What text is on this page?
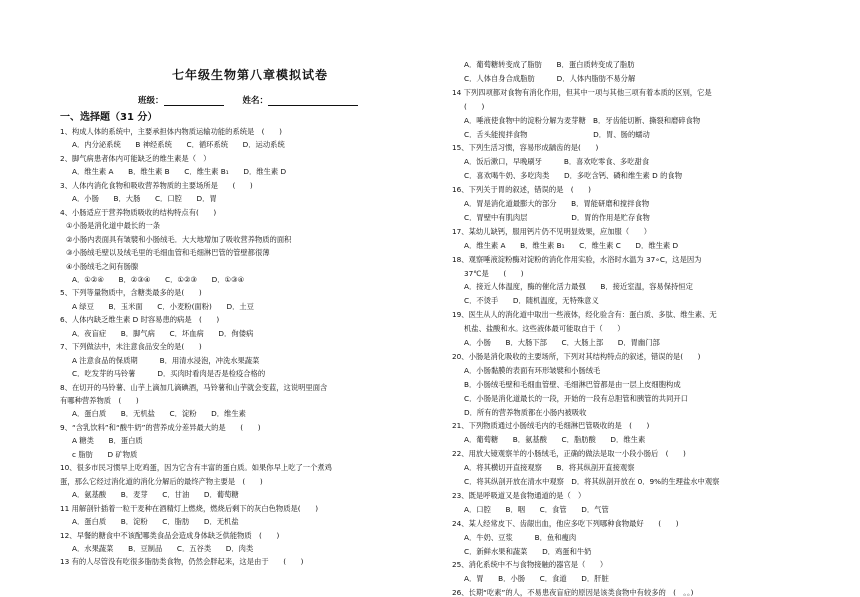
七年级生物第八章模拟试卷
班级：	姓名：
一、选择题（31 分）
1、构成人体的系统中，主要承担体内物质运输功能的系统是　(　　)
A．内分泌系统　　B 神经系统　　C．循环系统　　D．运动系统
2、脚气病患者体内可能缺乏的维生素是（　）
A．维生素 A　　B．维生素 B　　C．维生素 B₁　　D．维生素 D
3、人体内消化食物和吸收营养物质的主要场所是　　(　　)
A．小肠　　B．大肠　　C．口腔　　D．胃
4、小肠适应于营养物质吸收的结构特点有(　　)
①小肠是消化道中最长的一条
②小肠内表面具有皱襞和小肠绒毛．大大地增加了吸收营养物质的面积
③小肠绒毛壁以及绒毛里的毛细血管和毛细淋巴管的管壁都很薄
④小肠绒毛之间有肠腺
A．①②④　　B．②③④　　C．①②③　　D．①③④
5、下列等量物质中，含糖类最多的是(　　)
A 绿豆　　B．玉米面　　C．小麦粉(面粉)　　D．土豆
6、人体内缺乏维生素 D 时容易患的病是　(　　)
A．夜盲症　　B．脚气病　　C．坏血病　　D．佝偻病
7、下列做法中，未注意食品安全的是(　　)
A 注意食品的保质期　　　B．用清水浸泡，冲洗水果蔬菜
C．吃发芽的马铃薯　　　D．买肉时看肉是否是检疫合格的
8、在切开的马铃薯、山芋上滴加几滴碘酒，马铃薯和山芋就会变蓝，这说明里面含
有哪种营养物质　(　　)
A．蛋白质　　B．无机盐　　C．淀粉　　D．维生素
9、“含乳饮料”和“酸牛奶”的营养成分差异最大的是　　(　　)
A 糖类　　B．蛋白质
c 脂肪　　D 矿物质
10、很多市民习惯早上吃鸡蛋，因为它含有丰富的蛋白质。如果你早上吃了一个煮鸡
蛋，那么它经过消化道的消化分解后的最终产物主要是　(　　)
A．氨基酸　　B．麦芽　　C．甘油　　D．葡萄糖
11 用解剖针插着一粒干麦种在酒精灯上燃烧，燃烧后剩下的灰白色物质是(　　)
A．蛋白质　　B．淀粉　　C．脂肪　　D．无机盐
12、早餐的糖食中不该配哪类食品会造成身体缺乏供能物质　(　　)
A．水果蔬菜　　B．豆制品　　C．五谷类　　D．肉类
13 有的人尽管没有吃很多脂肪类食物，仍然会胖起来，这是由于　　(　　)
A．葡萄糖转变成了脂肪　　B．蛋白质转变成了脂肪
C．人体自身合成脂肪　　　D．人体内脂肪不易分解
14 下列四项都对食物有消化作用，但其中一项与其他三项有着本质的区别，它是
(　　)
A．唾液使食物中的淀粉分解为麦芽糖　B．牙齿能切断、撕裂和磨碎食物
C．舌头能搅拌食物　　　　　　　　　D．胃、肠的蠕动
15、下列生活习惯，容易形成龋齿的是(　　)
A．饭后漱口，早晚刷牙　　　B．喜欢吃零食、多吃甜食
C．喜欢喝牛奶、多吃肉类　　D．多吃含钙、磷和维生素 D 的食物
16、下列关于胃的叙述，错误的是　(　　)
A．胃是消化道最膨大的部分　　B．胃能研磨和搅拌食物
C．胃壁中有肌肉层　　　　　　D．胃的作用是贮存食物
17、某幼儿缺钙，服用钙片仍不见明显效果，应加服（　　）
A．维生素 A　　B．维生素 B₁　　C．维生素 C　　D．维生素 D
18、观察唾液淀粉酶对淀粉的消化作用实验，水浴时水温为 37∘C，这是因为
37℃是　　(　　)
A．接近人体温度，酶的催化活力最强　　B．接近室温，容易保持恒定
C．不烫手　　D．随机温度，无特殊意义
19、医生从人的消化道中取出一些液体，经化验含有：蛋白质、多肽、维生素、无
机盐、盐酸和水。这些液体最可能取自于（　　）
A．小肠　　B．大肠下部　　C．大肠上部　　D．胃幽门部
20、小肠是消化吸收的主要场所，下列对其结构特点的叙述，错误的是(　　)
A．小肠黏膜的表面有环形皱襞和小肠绒毛
B．小肠绒毛壁和毛细血管壁、毛细淋巴管都是由一层上皮细胞构成
C．小肠是消化道最长的一段，开始的一段有总胆管和胰管的共同开口
D．所有的营养物质都在小肠内被吸收
21、下列物质通过小肠绒毛内的毛细淋巴管吸收的是　(　　)
A．葡萄糖　　B．氨基酸　　C．脂肪酸　　D．维生素
22、用放大镜观察羊的小肠绒毛，正确的做法是取一小段小肠后　(　　)
A．将其横切开直接观察　　B．将其纵剖开直接观察
C．将其纵剖开放在清水中观察　D．将其纵剖开放在 0．9%的生理盐水中观察
23、既是呼吸道又是食物通道的是（　）
A．口腔　　B．咽　　C．食管　　D．气管
24、某人经常皮下、齿龈出血，他应多吃下列哪种食物最好　　(　　)
A．牛奶、豆浆　　　B．鱼和瘦肉
C．新鲜水果和蔬菜　　D．鸡蛋和牛奶
25、消化系统中不与食物接触的器官是（　　）
A．胃　　B．小肠　　C．食道　　D．肝脏
26、长期“吃素”的人，不易患夜盲症的原因是该类食物中有较多的　(　。。)
